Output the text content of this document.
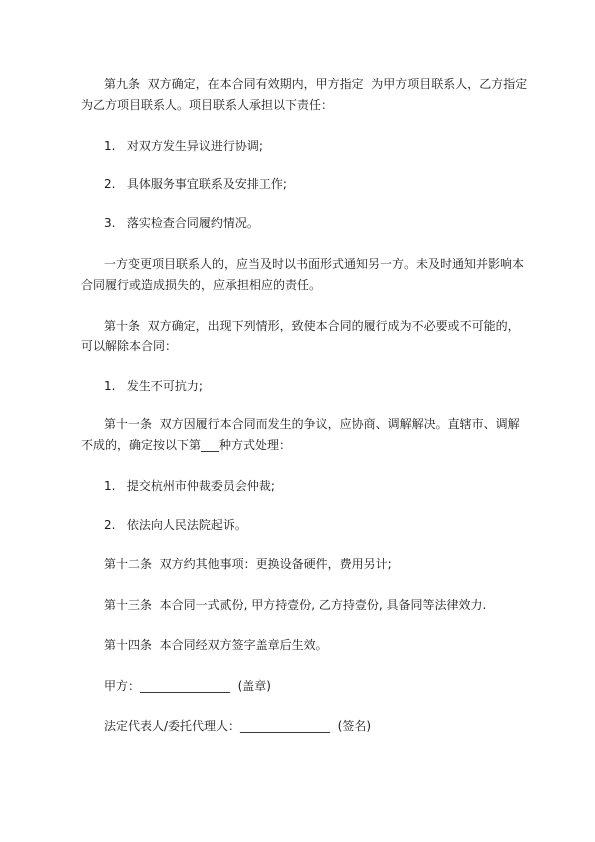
第九条  双方确定，在本合同有效期内，甲方指定  为甲方项目联系人，乙方指定
为乙方项目联系人。项目联系人承担以下责任：
1.   对双方发生异议进行协调;
2.   具体服务事宜联系及安排工作;
3.   落实检查合同履约情况。
一方变更项目联系人的，应当及时以书面形式通知另一方。未及时通知并影响本
合同履行或造成损失的，应承担相应的责任。
第十条  双方确定，出现下列情形，致使本合同的履行成为不必要或不可能的，
可以解除本合同：
1.   发生不可抗力;
第十一条  双方因履行本合同而发生的争议，应协商、调解解决。直辖市、调解
不成的，确定按以下第___种方式处理：
1.   提交杭州市仲裁委员会仲裁;
2.   依法向人民法院起诉。
第十二条  双方约其他事项：更换设备硬件，费用另计;
第十三条  本合同一式贰份, 甲方持壹份, 乙方持壹份, 具备同等法律效力.
第十四条  本合同经双方签字盖章后生效。
甲方：_______________  (盖章)
法定代表人/委托代理人：_______________  (签名)
